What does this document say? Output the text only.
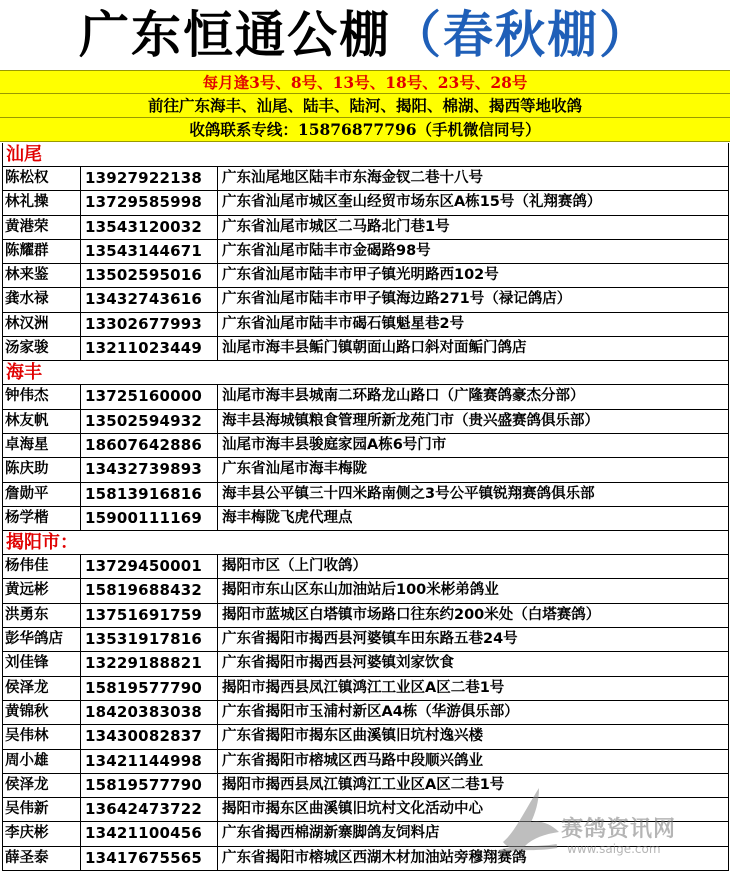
广东恒通公棚（春秋棚）
每月逢3号、8号、13号、18号、23号、28号
前往广东海丰、汕尾、陆丰、陆河、揭阳、棉湖、揭西等地收鸽
收鸽联系专线：15876877796（手机微信同号）
汕尾
陈松权	13927922138	广东汕尾地区陆丰市东海金钗二巷十八号
林礼操	13729585998	广东省汕尾市城区奎山经贸市场东区A栋15号（礼翔赛鸽）
黄港荣	13543120032	广东省汕尾市城区二马路北门巷1号
陈耀群	13543144671	广东省汕尾市陆丰市金碣路98号
林来鉴	13502595016	广东省汕尾市陆丰市甲子镇光明路西102号
龚水禄	13432743616	广东省汕尾市陆丰市甲子镇海边路271号（禄记鸽店）
林汉洲	13302677993	广东省汕尾市陆丰市碣石镇魁星巷2号
汤家骏	13211023449	汕尾市海丰县鲘门镇朝面山路口斜对面鲘门鸽店
海丰
钟伟杰	13725160000	汕尾市海丰县城南二环路龙山路口（广隆赛鸽豪杰分部）
林友帆	13502594932	海丰县海城镇粮食管理所新龙苑门市（贵兴盛赛鸽俱乐部）
卓海星	18607642886	汕尾市海丰县骏庭家园A栋6号门市
陈庆助	13432739893	广东省汕尾市海丰梅陇
詹勋平	15813916816	海丰县公平镇三十四米路南侧之3号公平镇锐翔赛鸽俱乐部
杨学楷	15900111169	海丰梅陇飞虎代理点
揭阳市：
杨伟佳	13729450001	揭阳市区（上门收鸽）
黄远彬	15819688432	揭阳市东山区东山加油站后100米彬弟鸽业
洪勇东	13751691759	揭阳市蓝城区白塔镇市场路口往东约200米处（白塔赛鸽）
彭华鸽店	13531917816	广东省揭阳市揭西县河婆镇车田东路五巷24号
刘佳锋	13229188821	广东省揭阳市揭西县河婆镇刘家饮食
侯泽龙	15819577790	揭阳市揭西县凤江镇鸿江工业区A区二巷1号
黄锦秋	18420383038	广东省揭阳市玉浦村新区A4栋（华游俱乐部）
吴伟林	13430082837	广东省揭阳市揭东区曲溪镇旧坑村逸兴楼
周小雄	13421144998	广东省揭阳市榕城区西马路中段顺兴鸽业
侯泽龙	15819577790	揭阳市揭西县凤江镇鸿江工业区A区二巷1号
吴伟新	13642473722	揭阳市揭东区曲溪镇旧坑村文化活动中心
李庆彬	13421100456	广东省揭西棉湖新寨脚鸽友饲料店
薛圣泰	13417675565	广东省揭阳市榕城区西湖木材加油站旁穆翔赛鸽
赛鸽资讯网
www.saige.com
